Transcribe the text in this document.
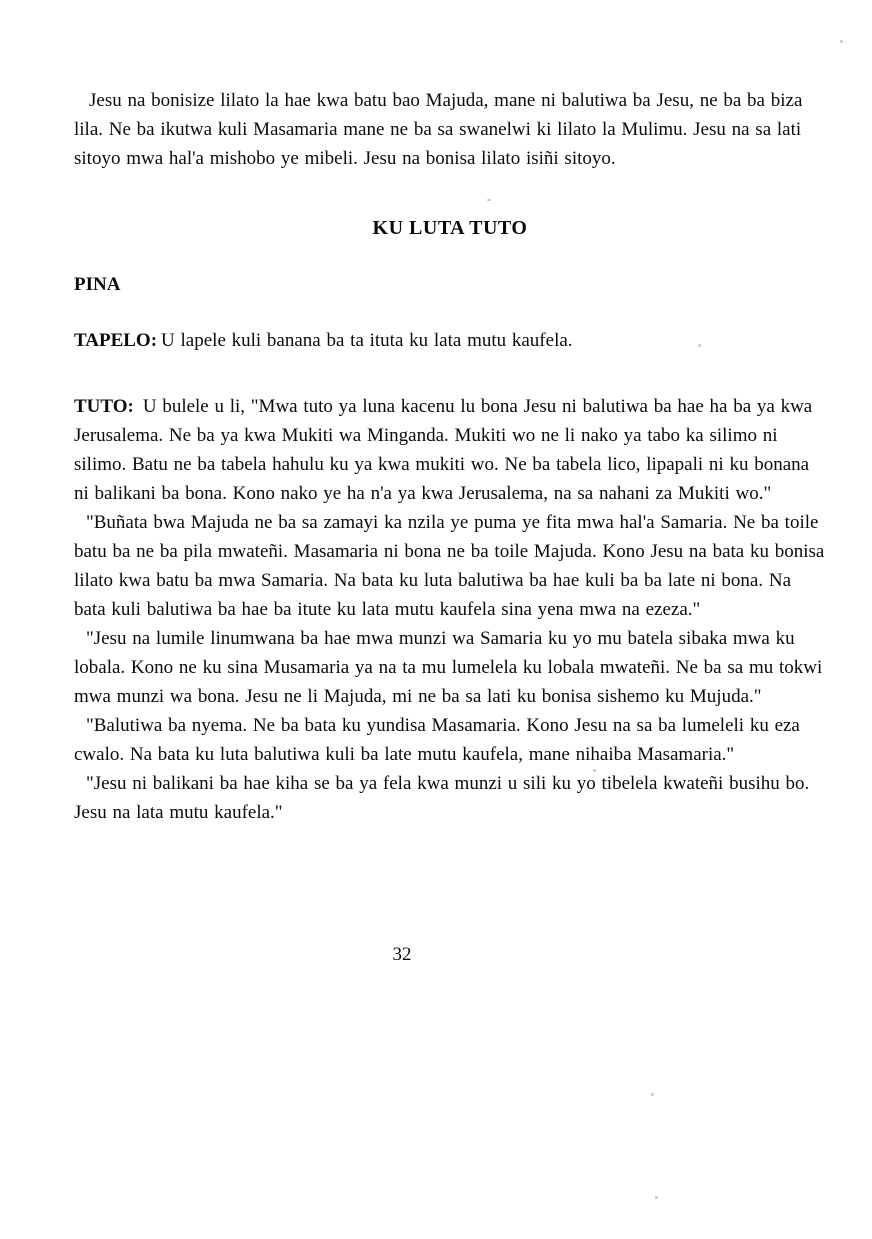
Jesu na bonisize lilato la hae kwa batu bao Majuda, mane ni balutiwa ba Jesu, ne ba ba biza lila. Ne ba ikutwa kuli Masamaria mane ne ba sa swanelwi ki lilato la Mulimu. Jesu na sa lati sitoyo mwa hal'a mishobo ye mibeli. Jesu na bonisa lilato isiñi sitoyo.

KU LUTA TUTO
PINA

TAPELO: U lapele kuli banana ba ta ituta ku lata mutu kaufela.

TUTO: U bulele u li, "Mwa tuto ya luna kacenu lu bona Jesu ni balutiwa ba hae ha ba ya kwa Jerusalema. Ne ba ya kwa Mukiti wa Minganda. Mukiti wo ne li nako ya tabo ka silimo ni silimo. Batu ne ba tabela hahulu ku ya kwa mukiti wo. Ne ba tabela lico, lipapali ni ku bonana ni balikani ba bona. Kono nako ye ha n'a ya kwa Jerusalema, na sa nahani za Mukiti wo."

"Buñata bwa Majuda ne ba sa zamayi ka nzila ye puma ye fita mwa hal'a Samaria. Ne ba toile batu ba ne ba pila mwateñi. Masamaria ni bona ne ba toile Majuda. Kono Jesu na bata ku bonisa lilato kwa batu ba mwa Samaria. Na bata ku luta balutiwa ba hae kuli ba ba late ni bona. Na bata kuli balutiwa ba hae ba itute ku lata mutu kaufela sina yena mwa na ezeza."

"Jesu na lumile linumwana ba hae mwa munzi wa Samaria ku yo mu batela sibaka mwa ku lobala. Kono ne ku sina Musamaria ya na ta mu lumelela ku lobala mwateñi. Ne ba sa mu tokwi mwa munzi wa bona. Jesu ne li Majuda, mi ne ba sa lati ku bonisa sishemo ku Mujuda."

"Balutiwa ba nyema. Ne ba bata ku yundisa Masamaria. Kono Jesu na sa ba lumeleli ku eza cwalo. Na bata ku luta balutiwa kuli ba late mutu kaufela, mane nihaiba Masamaria."

"Jesu ni balikani ba hae kiha se ba ya fela kwa munzi u sili ku yo tibelela kwateñi busihu bo. Jesu na lata mutu kaufela."

32
